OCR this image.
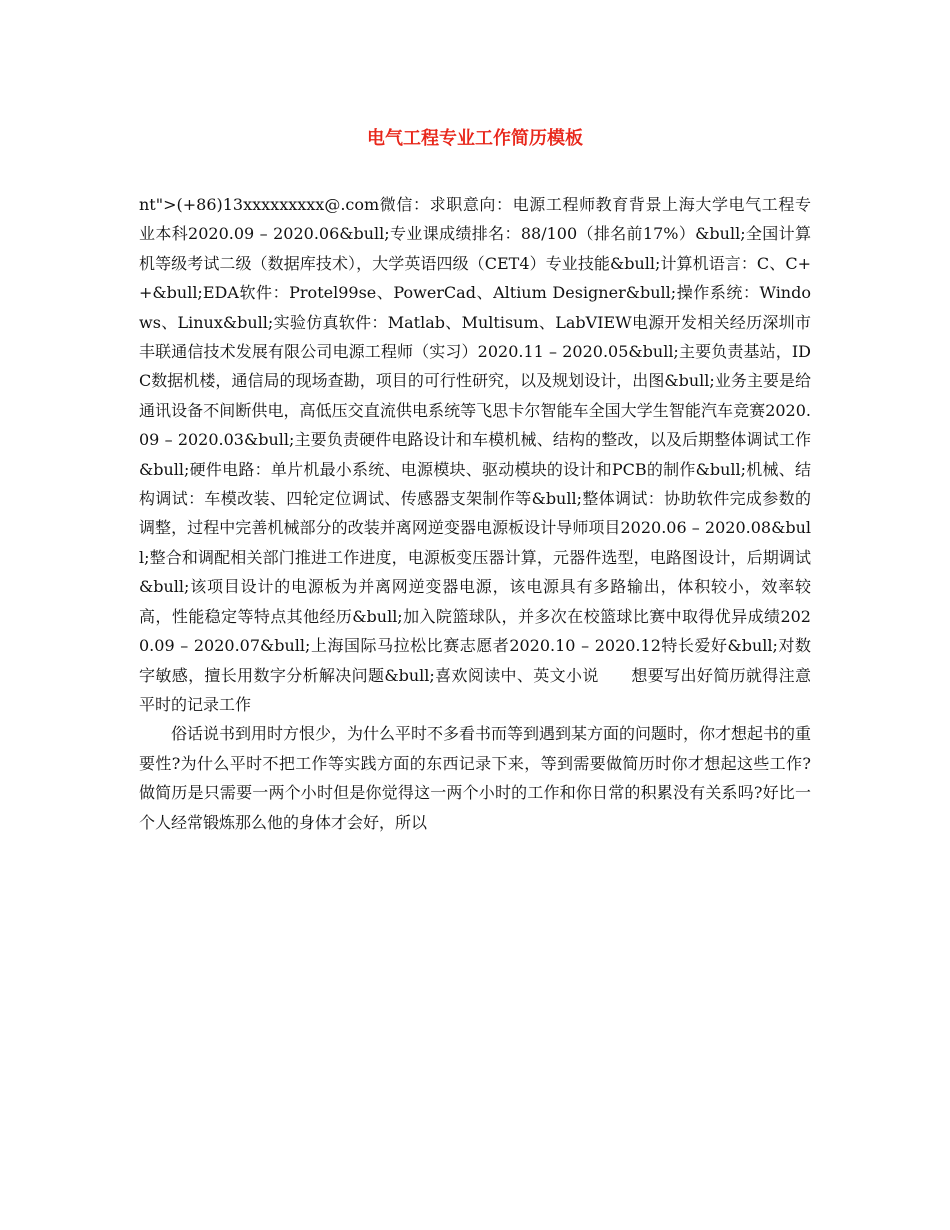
电气工程专业工作简历模板

nt">(+86)13xxxxxxxxx@.com微信：求职意向：电源工程师教育背景上海大学电气工程专业本科2020.09 – 2020.06&bull;专业课成绩排名：88/100（排名前17%）&bull;全国计算机等级考试二级（数据库技术），大学英语四级（CET4）专业技能&bull;计算机语言：C、C++&bull;EDA软件：Protel99se、PowerCad、Altium Designer&bull;操作系统：Windows、Linux&bull;实验仿真软件：Matlab、Multisum、LabVIEW电源开发相关经历深圳市丰联通信技术发展有限公司电源工程师（实习）2020.11 – 2020.05&bull;主要负责基站，IDC数据机楼，通信局的现场查勘，项目的可行性研究，以及规划设计，出图&bull;业务主要是给通讯设备不间断供电，高低压交直流供电系统等飞思卡尔智能车全国大学生智能汽车竞赛2020.09 – 2020.03&bull;主要负责硬件电路设计和车模机械、结构的整改，以及后期整体调试工作&bull;硬件电路：单片机最小系统、电源模块、驱动模块的设计和PCB的制作&bull;机械、结构调试：车模改装、四轮定位调试、传感器支架制作等&bull;整体调试：协助软件完成参数的调整，过程中完善机械部分的改装并离网逆变器电源板设计导师项目2020.06 – 2020.08&bull;整合和调配相关部门推进工作进度，电源板变压器计算，元器件选型，电路图设计，后期调试&bull;该项目设计的电源板为并离网逆变器电源，该电源具有多路输出，体积较小，效率较高，性能稳定等特点其他经历&bull;加入院篮球队，并多次在校篮球比赛中取得优异成绩2020.09 – 2020.07&bull;上海国际马拉松比赛志愿者2020.10 – 2020.12特长爱好&bull;对数字敏感，擅长用数字分析解决问题&bull;喜欢阅读中、英文小说　　想要写出好简历就得注意平时的记录工作

俗话说书到用时方恨少，为什么平时不多看书而等到遇到某方面的问题时，你才想起书的重要性?为什么平时不把工作等实践方面的东西记录下来，等到需要做简历时你才想起这些工作?做简历是只需要一两个小时但是你觉得这一两个小时的工作和你日常的积累没有关系吗?好比一个人经常锻炼那么他的身体才会好，所以
